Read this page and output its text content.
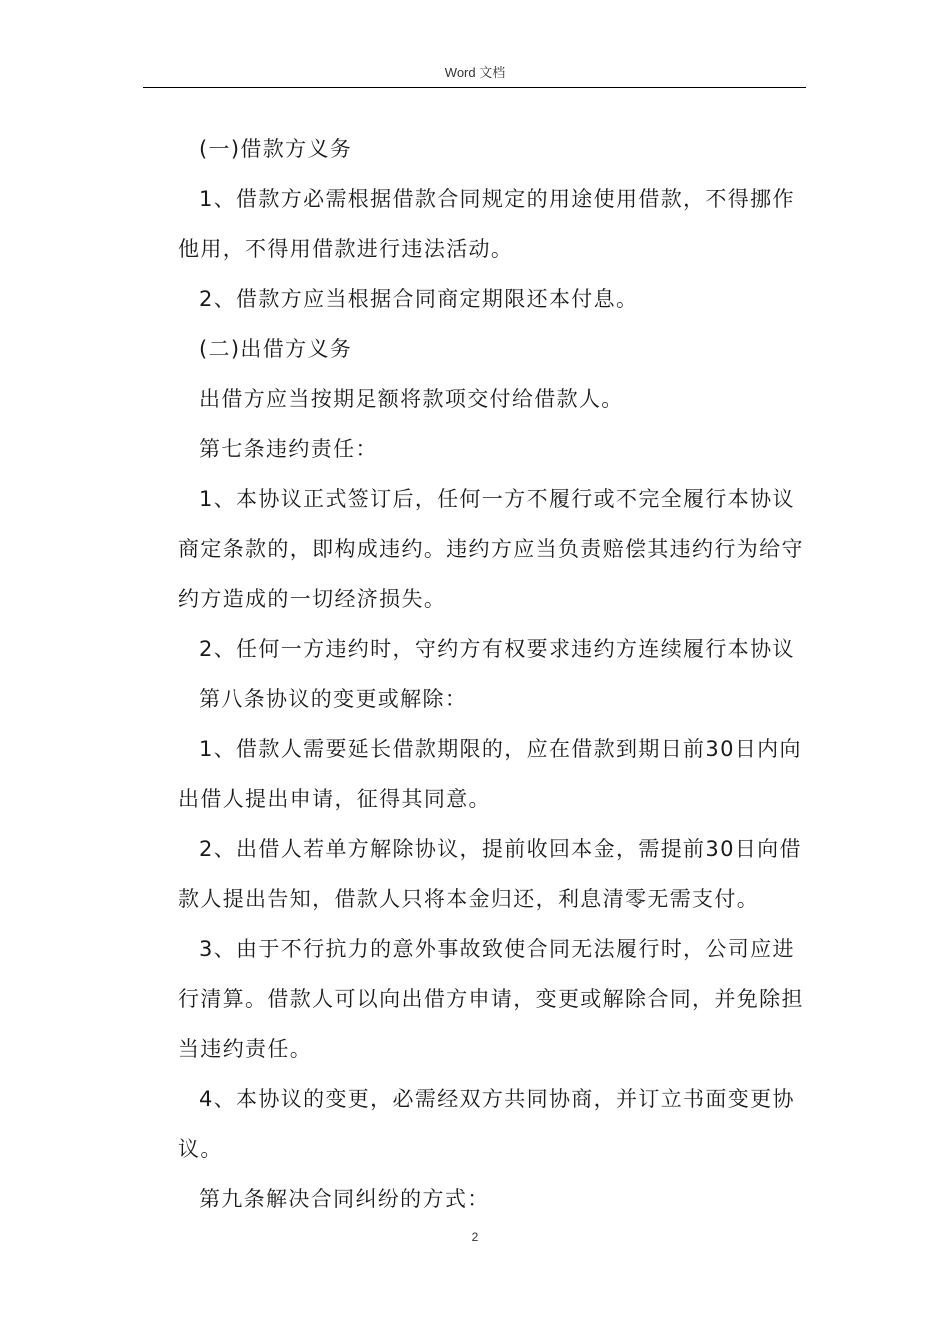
Word 文档

(一)借款方义务

1、借款方必需根据借款合同规定的用途使用借款，不得挪作他用，不得用借款进行违法活动。

2、借款方应当根据合同商定期限还本付息。

(二)出借方义务

出借方应当按期足额将款项交付给借款人。

第七条违约责任：

1、本协议正式签订后，任何一方不履行或不完全履行本协议商定条款的，即构成违约。违约方应当负责赔偿其违约行为给守约方造成的一切经济损失。

2、任何一方违约时，守约方有权要求违约方连续履行本协议

第八条协议的变更或解除：

1、借款人需要延长借款期限的，应在借款到期日前30日内向出借人提出申请，征得其同意。

2、出借人若单方解除协议，提前收回本金，需提前30日向借款人提出告知，借款人只将本金归还，利息清零无需支付。

3、由于不行抗力的意外事故致使合同无法履行时，公司应进行清算。借款人可以向出借方申请，变更或解除合同，并免除担当违约责任。

4、本协议的变更，必需经双方共同协商，并订立书面变更协议。

第九条解决合同纠纷的方式：

2
